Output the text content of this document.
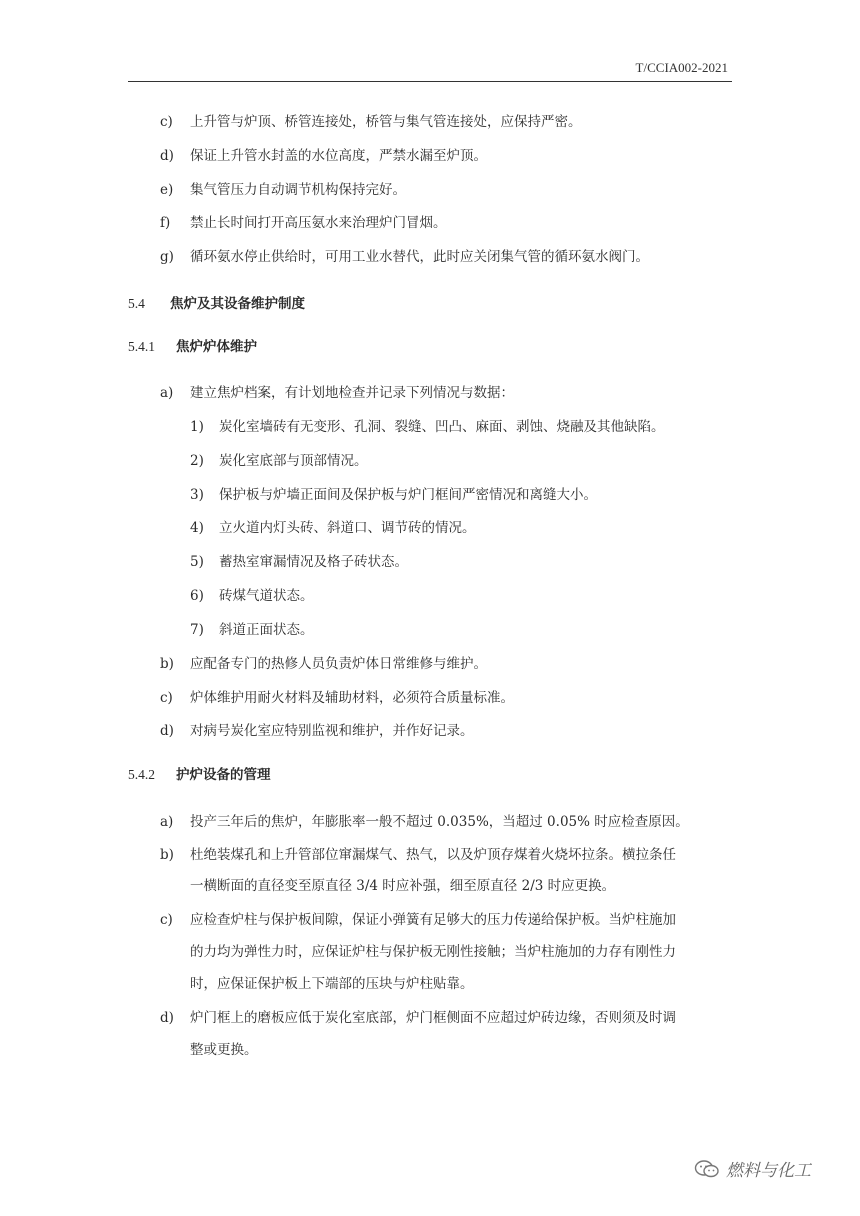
T/CCIA002-2021
c) 上升管与炉顶、桥管连接处，桥管与集气管连接处，应保持严密。
d) 保证上升管水封盖的水位高度，严禁水漏至炉顶。
e) 集气管压力自动调节机构保持完好。
f) 禁止长时间打开高压氨水来治理炉门冒烟。
g) 循环氨水停止供给时，可用工业水替代，此时应关闭集气管的循环氨水阀门。
5.4 焦炉及其设备维护制度
5.4.1 焦炉炉体维护
a) 建立焦炉档案，有计划地检查并记录下列情况与数据：
1) 炭化室墙砖有无变形、孔洞、裂缝、凹凸、麻面、剥蚀、烧融及其他缺陷。
2) 炭化室底部与顶部情况。
3) 保护板与炉墙正面间及保护板与炉门框间严密情况和离缝大小。
4) 立火道内灯头砖、斜道口、调节砖的情况。
5) 蓄热室窜漏情况及格子砖状态。
6) 砖煤气道状态。
7) 斜道正面状态。
b) 应配备专门的热修人员负责炉体日常维修与维护。
c) 炉体维护用耐火材料及辅助材料，必须符合质量标准。
d) 对病号炭化室应特别监视和维护，并作好记录。
5.4.2 护炉设备的管理
a) 投产三年后的焦炉，年膨胀率一般不超过 0.035%，当超过 0.05% 时应检查原因。
b) 杜绝装煤孔和上升管部位窜漏煤气、热气，以及炉顶存煤着火烧坏拉条。横拉条任
一横断面的直径变至原直径 3/4 时应补强，细至原直径 2/3 时应更换。
c) 应检查炉柱与保护板间隙，保证小弹簧有足够大的压力传递给保护板。当炉柱施加
的力均为弹性力时，应保证炉柱与保护板无刚性接触；当炉柱施加的力存有刚性力
时，应保证保护板上下端部的压块与炉柱贴靠。
d) 炉门框上的磨板应低于炭化室底部，炉门框侧面不应超过炉砖边缘，否则须及时调
整或更换。
燃料与化工
